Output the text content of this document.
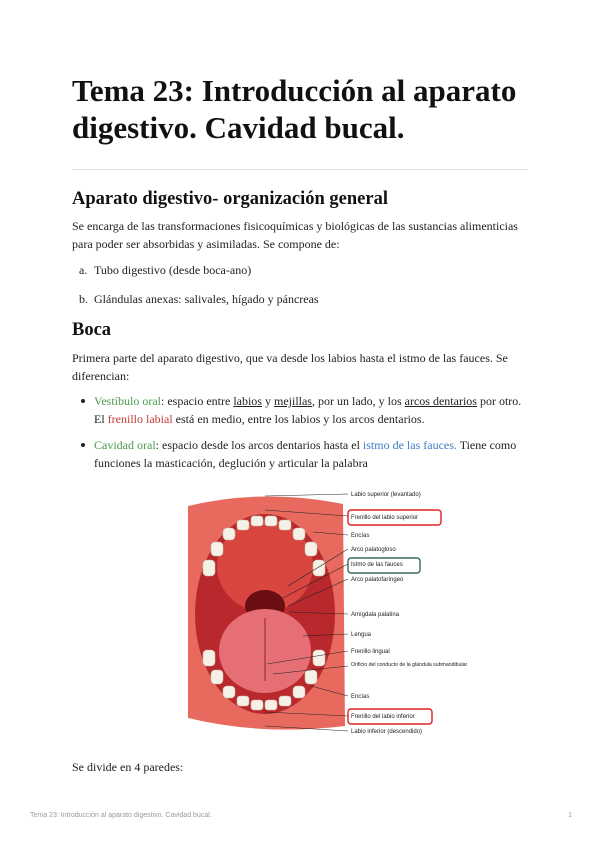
Tema 23: Introducción al aparato digestivo. Cavidad bucal.
Aparato digestivo- organización general

Se encarga de las transformaciones fisicoquímicas y biológicas de las sustancias alimenticias para poder ser absorbidas y asimiladas. Se compone de:

a. Tubo digestivo (desde boca-ano)
b. Glándulas anexas: salivales, hígado y páncreas
Boca

Primera parte del aparato digestivo, que va desde los labios hasta el istmo de las fauces. Se diferencian:

Vestíbulo oral: espacio entre labios y mejillas, por un lado, y los arcos dentarios por otro. El frenillo labial está en medio, entre los labios y los arcos dentarios.
Cavidad oral: espacio desde los arcos dentarios hasta el istmo de las fauces. Tiene como funciones la masticación, deglución y articular la palabra
Labio superior (levantado)
Frenillo del labio superior
Encías
Arco palatogloso
Istmo de las fauces
Arco palatofaríngeo
Amígdala palatina
Lengua
Frenillo lingual
Orificio del conducto de la glándula submandibular
Encías
Frenillo del labio inferior
Labio inferior (descendido)

Se divide en 4 paredes:

Tema 23: Introducción al aparato digestivo. Cavidad bucal.	1
